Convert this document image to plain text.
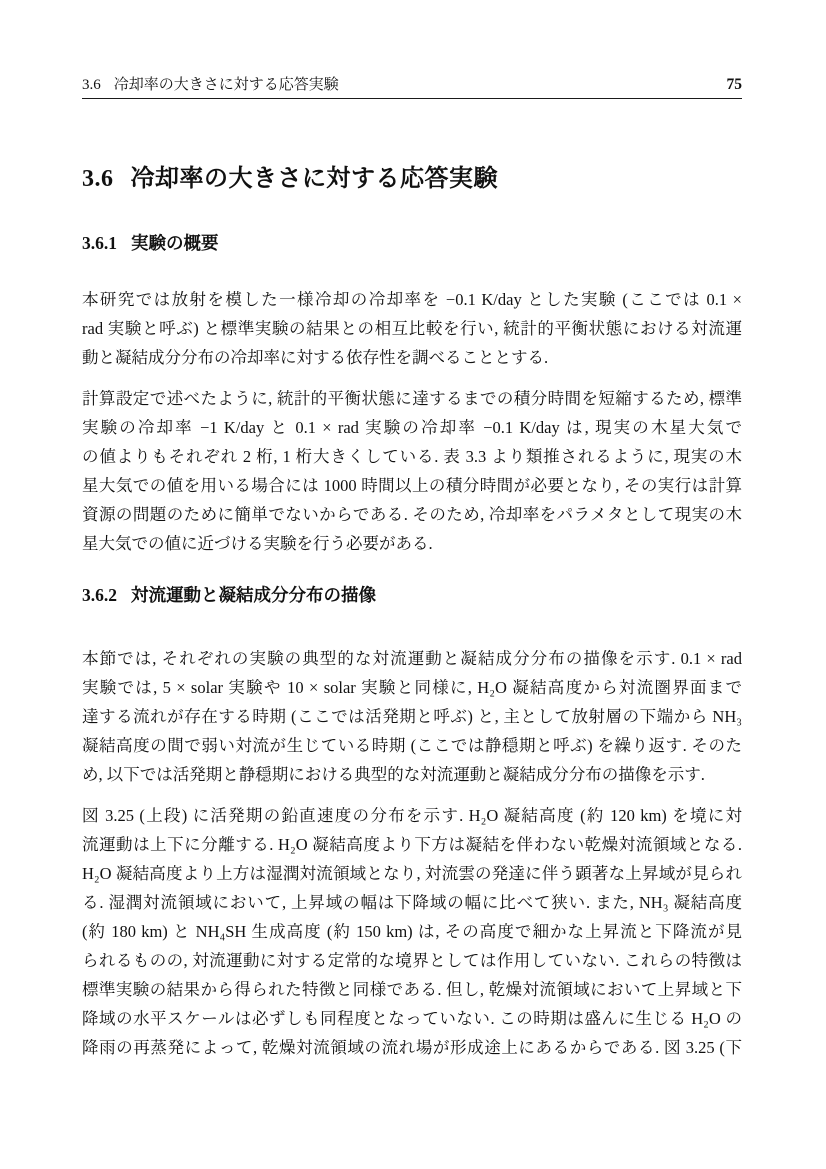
3.6 冷却率の大きさに対する応答実験	75
3.6 冷却率の大きさに対する応答実験
3.6.1 実験の概要
本研究では放射を模した一様冷却の冷却率を −0.1 K/day とした実験 (ここでは 0.1 ×
rad 実験と呼ぶ) と標準実験の結果との相互比較を行い, 統計的平衡状態における対流運
動と凝結成分分布の冷却率に対する依存性を調べることとする.
計算設定で述べたように, 統計的平衡状態に達するまでの積分時間を短縮するため, 標準
実験の冷却率 −1 K/day と 0.1 × rad 実験の冷却率 −0.1 K/day は, 現実の木星大気で
の値よりもそれぞれ 2 桁, 1 桁大きくしている. 表 3.3 より類推されるように, 現実の木
星大気での値を用いる場合には 1000 時間以上の積分時間が必要となり, その実行は計算
資源の問題のために簡単でないからである. そのため, 冷却率をパラメタとして現実の木
星大気での値に近づける実験を行う必要がある.
3.6.2 対流運動と凝結成分分布の描像
本節では, それぞれの実験の典型的な対流運動と凝結成分分布の描像を示す. 0.1 × rad
実験では, 5 × solar 実験や 10 × solar 実験と同様に, H₂O 凝結高度から対流圏界面まで
達する流れが存在する時期 (ここでは活発期と呼ぶ) と, 主として放射層の下端から NH₃
凝結高度の間で弱い対流が生じている時期 (ここでは静穏期と呼ぶ) を繰り返す. そのた
め, 以下では活発期と静穏期における典型的な対流運動と凝結成分分布の描像を示す.
図 3.25 (上段) に活発期の鉛直速度の分布を示す. H₂O 凝結高度 (約 120 km) を境に対
流運動は上下に分離する. H₂O 凝結高度より下方は凝結を伴わない乾燥対流領域となる.
H₂O 凝結高度より上方は湿潤対流領域となり, 対流雲の発達に伴う顕著な上昇域が見られ
る. 湿潤対流領域において, 上昇域の幅は下降域の幅に比べて狭い. また, NH₃ 凝結高度
(約 180 km) と NH₄SH 生成高度 (約 150 km) は, その高度で細かな上昇流と下降流が見
られるものの, 対流運動に対する定常的な境界としては作用していない. これらの特徴は
標準実験の結果から得られた特徴と同様である. 但し, 乾燥対流領域において上昇域と下
降域の水平スケールは必ずしも同程度となっていない. この時期は盛んに生じる H₂O の
降雨の再蒸発によって, 乾燥対流領域の流れ場が形成途上にあるからである. 図 3.25 (下
